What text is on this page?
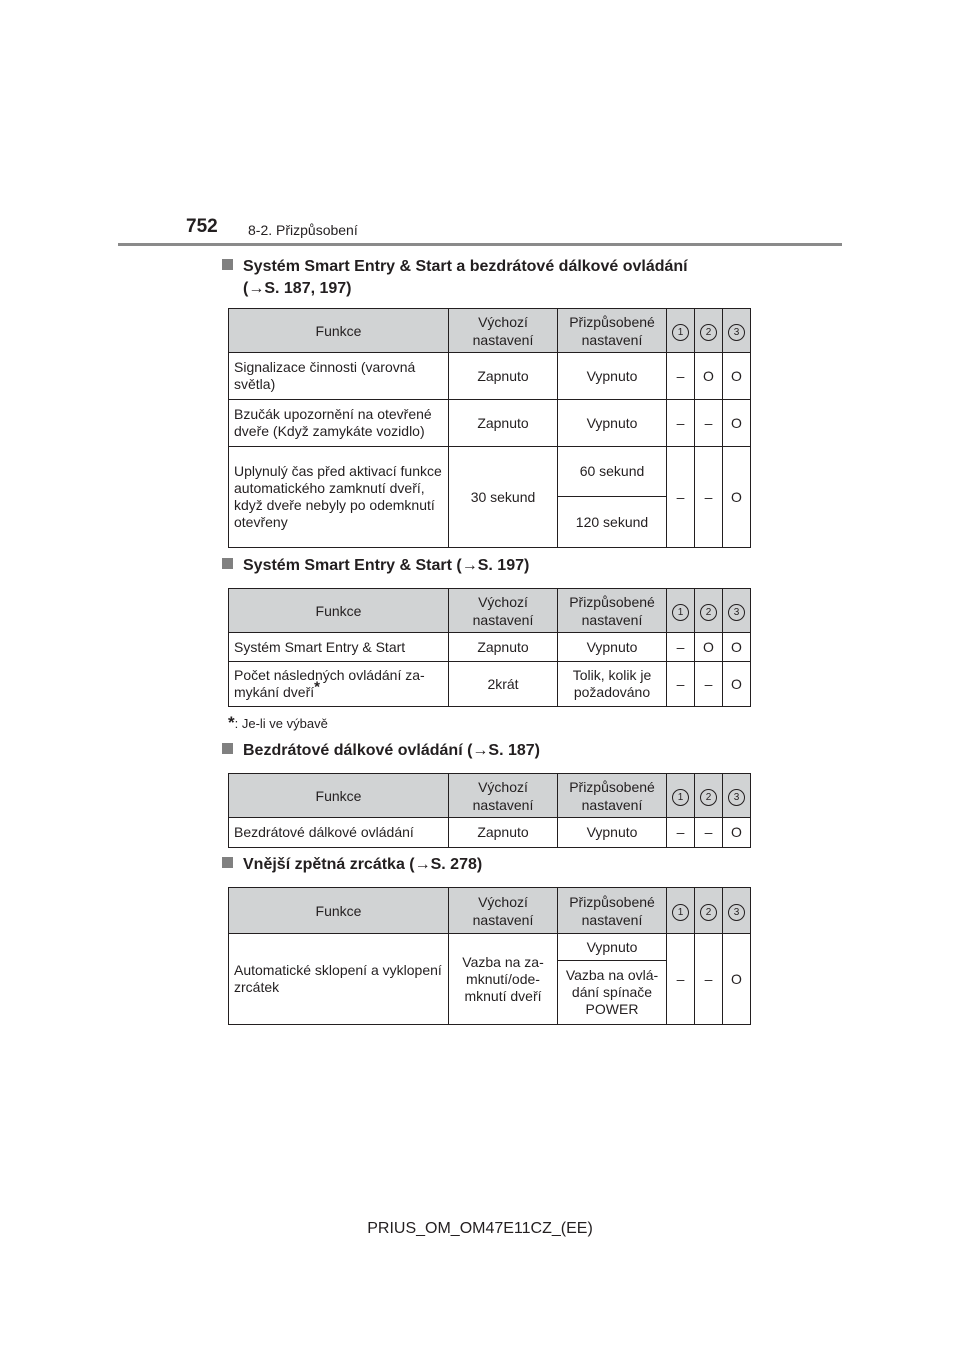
752 8-2. Přizpůsobení
Systém Smart Entry & Start a bezdrátové dálkové ovládání
(→S. 187, 197)
Funkce	Výchozí nastavení	Přizpůsobené nastavení	1	2	3
Signalizace činnosti (varovná světla)	Zapnuto	Vypnuto	–	O	O
Bzučák upozornění na otevřené dveře (Když zamykáte vozidlo)	Zapnuto	Vypnuto	–	–	O
Uplynulý čas před aktivací funkce automatického zamknutí dveří, když dveře nebyly po odemknutí otevřeny	30 sekund	60 sekund	–	–	O
		120 sekund			
Systém Smart Entry & Start (→S. 197)
Funkce	Výchozí nastavení	Přizpůsobené nastavení	1	2	3
Systém Smart Entry & Start	Zapnuto	Vypnuto	–	O	O
Počet následných ovládání zamykání dveří*	2krát	Tolik, kolik je požadováno	–	–	O
*: Je-li ve výbavě
Bezdrátové dálkové ovládání (→S. 187)
Funkce	Výchozí nastavení	Přizpůsobené nastavení	1	2	3
Bezdrátové dálkové ovládání	Zapnuto	Vypnuto	–	–	O
Vnější zpětná zrcátka (→S. 278)
Funkce	Výchozí nastavení	Přizpůsobené nastavení	1	2	3
Automatické sklopení a vyklopení zrcátek	Vazba na zamknutí/odemknutí dveří	Vypnuto	–	–	O
		Vazba na ovládání spínače POWER			
PRIUS_OM_OM47E11CZ_(EE)
